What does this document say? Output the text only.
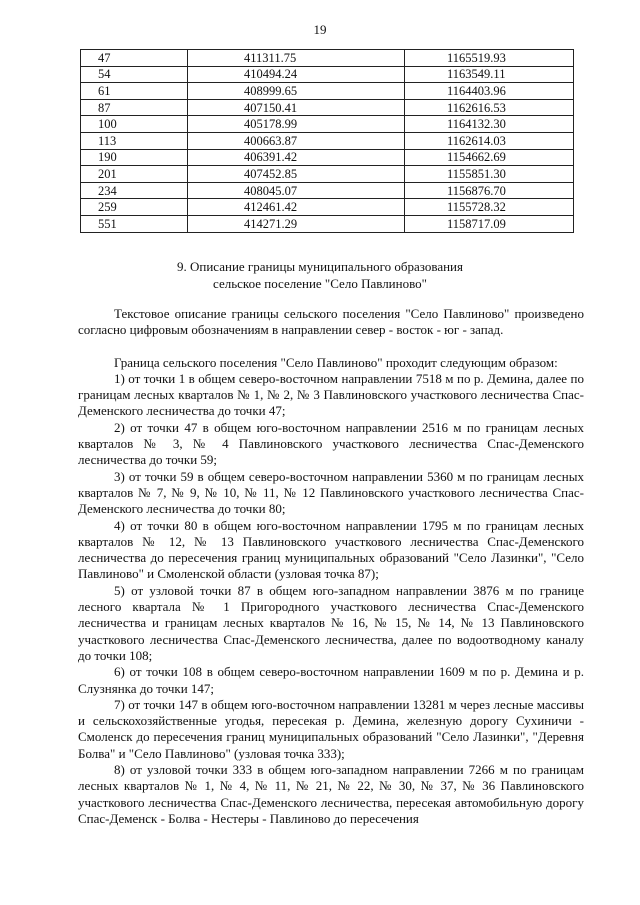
19
47	411311.75	1165519.93
54	410494.24	1163549.11
61	408999.65	1164403.96
87	407150.41	1162616.53
100	405178.99	1164132.30
113	400663.87	1162614.03
190	406391.42	1154662.69
201	407452.85	1155851.30
234	408045.07	1156876.70
259	412461.42	1155728.32
551	414271.29	1158717.09
9. Описание границы муниципального образования
сельское поселение "Село Павлиново"

Текстовое описание границы сельского поселения "Село Павлиново" произведено согласно цифровым обозначениям в направлении север - восток - юг - запад.

Граница сельского поселения "Село Павлиново" проходит следующим образом:

1) от точки 1 в общем северо-восточном направлении 7518 м по р. Демина, далее по границам лесных кварталов № 1, № 2, № 3 Павлиновского участкового лесничества Спас-Деменского лесничества до точки 47;

2) от точки 47 в общем юго-восточном направлении 2516 м по границам лесных кварталов № 3, № 4 Павлиновского участкового лесничества Спас-Деменского лесничества до точки 59;

3) от точки 59 в общем северо-восточном направлении 5360 м по границам лесных кварталов № 7, № 9, № 10, № 11, № 12 Павлиновского участкового лесничества Спас-Деменского лесничества до точки 80;

4) от точки 80 в общем юго-восточном направлении 1795 м по границам лесных кварталов № 12, № 13 Павлиновского участкового лесничества Спас-Деменского лесничества до пересечения границ муниципальных образований "Село Лазинки", "Село Павлиново" и Смоленской области (узловая точка 87);

5) от узловой точки 87 в общем юго-западном направлении 3876 м по границе лесного квартала № 1 Пригородного участкового лесничества Спас-Деменского лесничества и границам лесных кварталов № 16, № 15, № 14, № 13 Павлиновского участкового лесничества Спас-Деменского лесничества, далее по водоотводному каналу до точки 108;

6) от точки 108 в общем северо-восточном направлении 1609 м по р. Демина и р. Слузнянка до точки 147;

7) от точки 147 в общем юго-восточном направлении 13281 м через лесные массивы и сельскохозяйственные угодья, пересекая р. Демина, железную дорогу Сухиничи - Смоленск до пересечения границ муниципальных образований "Село Лазинки", "Деревня Болва" и "Село Павлиново" (узловая точка 333);

8) от узловой точки 333 в общем юго-западном направлении 7266 м по границам лесных кварталов № 1, № 4, № 11, № 21, № 22, № 30, № 37, № 36 Павлиновского участкового лесничества Спас-Деменского лесничества, пересекая автомобильную дорогу Спас-Деменск - Болва - Нестеры - Павлиново до пересечения
